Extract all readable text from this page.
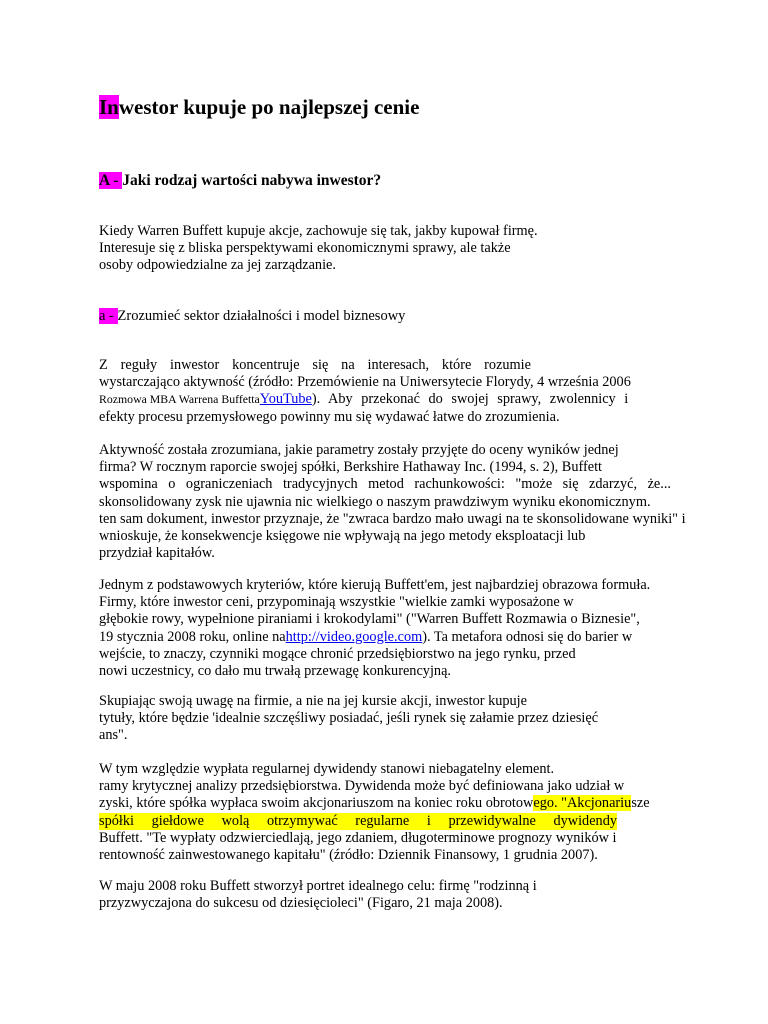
Inwestor kupuje po najlepszej cenie
A - Jaki rodzaj wartości nabywa inwestor?
Kiedy Warren Buffett kupuje akcje, zachowuje się tak, jakby kupował firmę.
Interesuje się z bliska perspektywami ekonomicznymi sprawy, ale także
osoby odpowiedzialne za jej zarządzanie.
a - Zrozumieć sektor działalności i model biznesowy
Z reguły inwestor koncentruje się na interesach, które rozumie
wystarczająco aktywność (źródło: Przemówienie na Uniwersytecie Florydy, 4 września 2006
Rozmowa MBA Warrena BuffettaYouTube). Aby przekonać do swojej sprawy, zwolennicy i
efekty procesu przemysłowego powinny mu się wydawać łatwe do zrozumienia.
Aktywność została zrozumiana, jakie parametry zostały przyjęte do oceny wyników jednej
firma? W rocznym raporcie swojej spółki, Berkshire Hathaway Inc. (1994, s. 2), Buffett
wspomina o ograniczeniach tradycyjnych metod rachunkowości: "może się zdarzyć, że...
skonsolidowany zysk nie ujawnia nic wielkiego o naszym prawdziwym wyniku ekonomicznym.
ten sam dokument, inwestor przyznaje, że "zwraca bardzo mało uwagi na te skonsolidowane wyniki" i
wnioskuje, że konsekwencje księgowe nie wpływają na jego metody eksploatacji lub
przydział kapitałów.
Jednym z podstawowych kryteriów, które kierują Buffett'em, jest najbardziej obrazowa formuła.
Firmy, które inwestor ceni, przypominają wszystkie "wielkie zamki wyposażone w
głębokie rowy, wypełnione piraniami i krokodylami" ("Warren Buffett Rozmawia o Biznesie",
19 stycznia 2008 roku, online nahttp://video.google.com). Ta metafora odnosi się do barier w
wejście, to znaczy, czynniki mogące chronić przedsiębiorstwo na jego rynku, przed
nowi uczestnicy, co dało mu trwałą przewagę konkurencyjną.
Skupiając swoją uwagę na firmie, a nie na jej kursie akcji, inwestor kupuje
tytuły, które będzie 'idealnie szczęśliwy posiadać, jeśli rynek się załamie przez dziesięć
ans".
W tym względzie wypłata regularnej dywidendy stanowi niebagatelny element.
ramy krytycznej analizy przedsiębiorstwa. Dywidenda może być definiowana jako udział w
zyski, które spółka wypłaca swoim akcjonariuszom na koniec roku obrotowego. "Akcjonariusze
spółki giełdowe wolą otrzymywać regularne i przewidywalne dywidendy
Buffett. "Te wypłaty odzwierciedlają, jego zdaniem, długoterminowe prognozy wyników i
rentowność zainwestowanego kapitału" (źródło: Dziennik Finansowy, 1 grudnia 2007).
W maju 2008 roku Buffett stworzył portret idealnego celu: firmę "rodzinną i
przyzwyczajona do sukcesu od dziesięcioleci" (Figaro, 21 maja 2008).
